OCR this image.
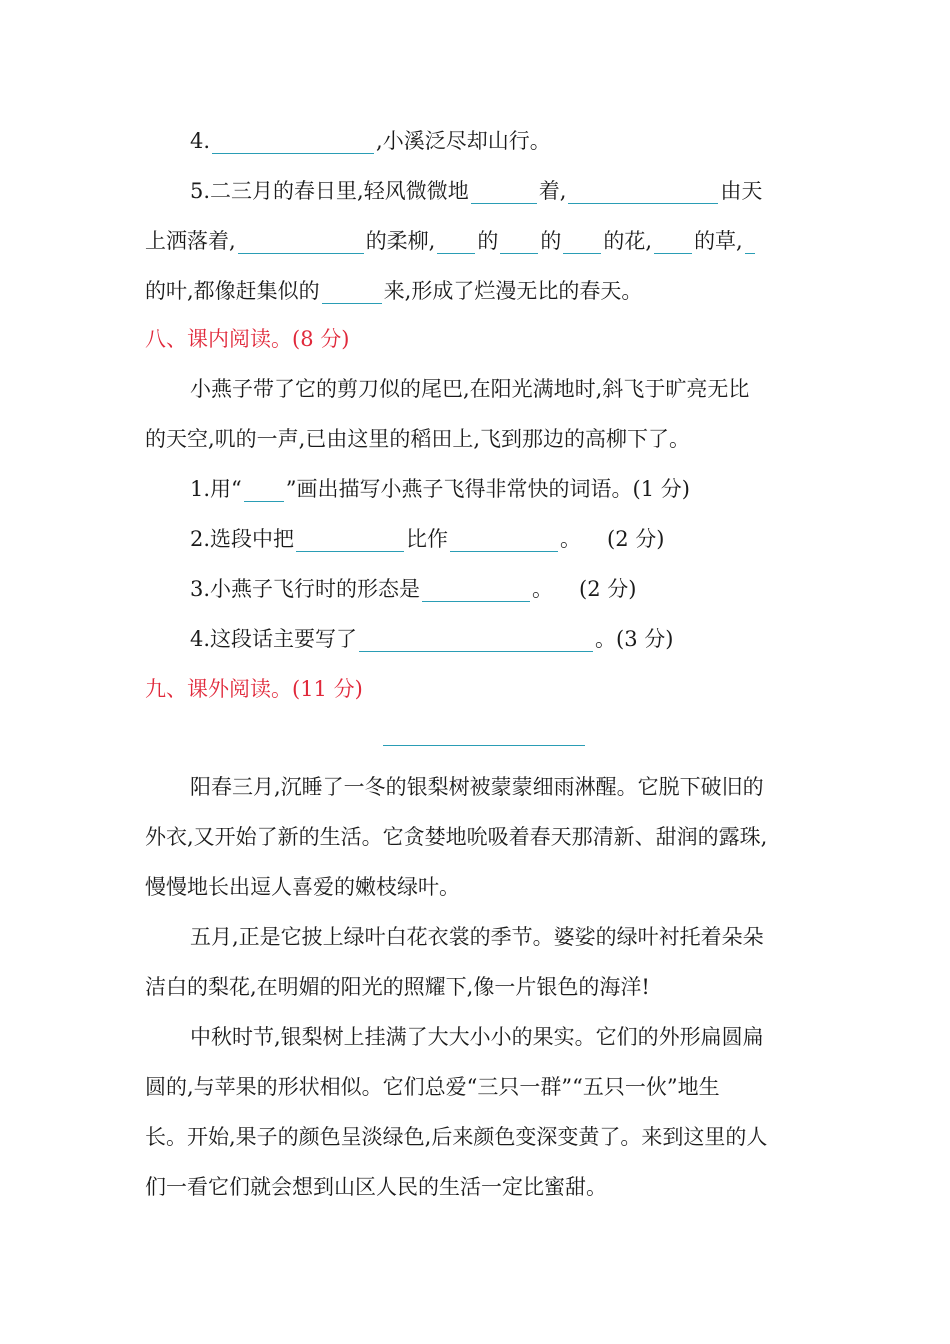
4.	,小溪泛尽却山行。
5.二三月的春日里,轻风微微地	着,	由天
上洒落着,	的柔柳, 的 的 的花, 的草,
的叶,都像赶集似的	来,形成了烂漫无比的春天。
八、课内阅读。(8 分)
小燕子带了它的剪刀似的尾巴,在阳光满地时,斜飞于旷亮无比
的天空,叽的一声,已由这里的稻田上,飞到那边的高柳下了。
1.用“ ”画出描写小燕子飞得非常快的词语。(1 分)
2.选段中把	比作	。 (2 分)
3.小燕子飞行时的形态是	。 (2 分)
4.这段话主要写了	。(3 分)
九、课外阅读。(11 分)
阳春三月,沉睡了一冬的银梨树被蒙蒙细雨淋醒。它脱下破旧的
外衣,又开始了新的生活。它贪婪地吮吸着春天那清新、甜润的露珠,
慢慢地长出逗人喜爱的嫩枝绿叶。
五月,正是它披上绿叶白花衣裳的季节。婆娑的绿叶衬托着朵朵
洁白的梨花,在明媚的阳光的照耀下,像一片银色的海洋!
中秋时节,银梨树上挂满了大大小小的果实。它们的外形扁圆扁
圆的,与苹果的形状相似。它们总爱“三只一群”“五只一伙”地生
长。开始,果子的颜色呈淡绿色,后来颜色变深变黄了。来到这里的人
们一看它们就会想到山区人民的生活一定比蜜甜。
